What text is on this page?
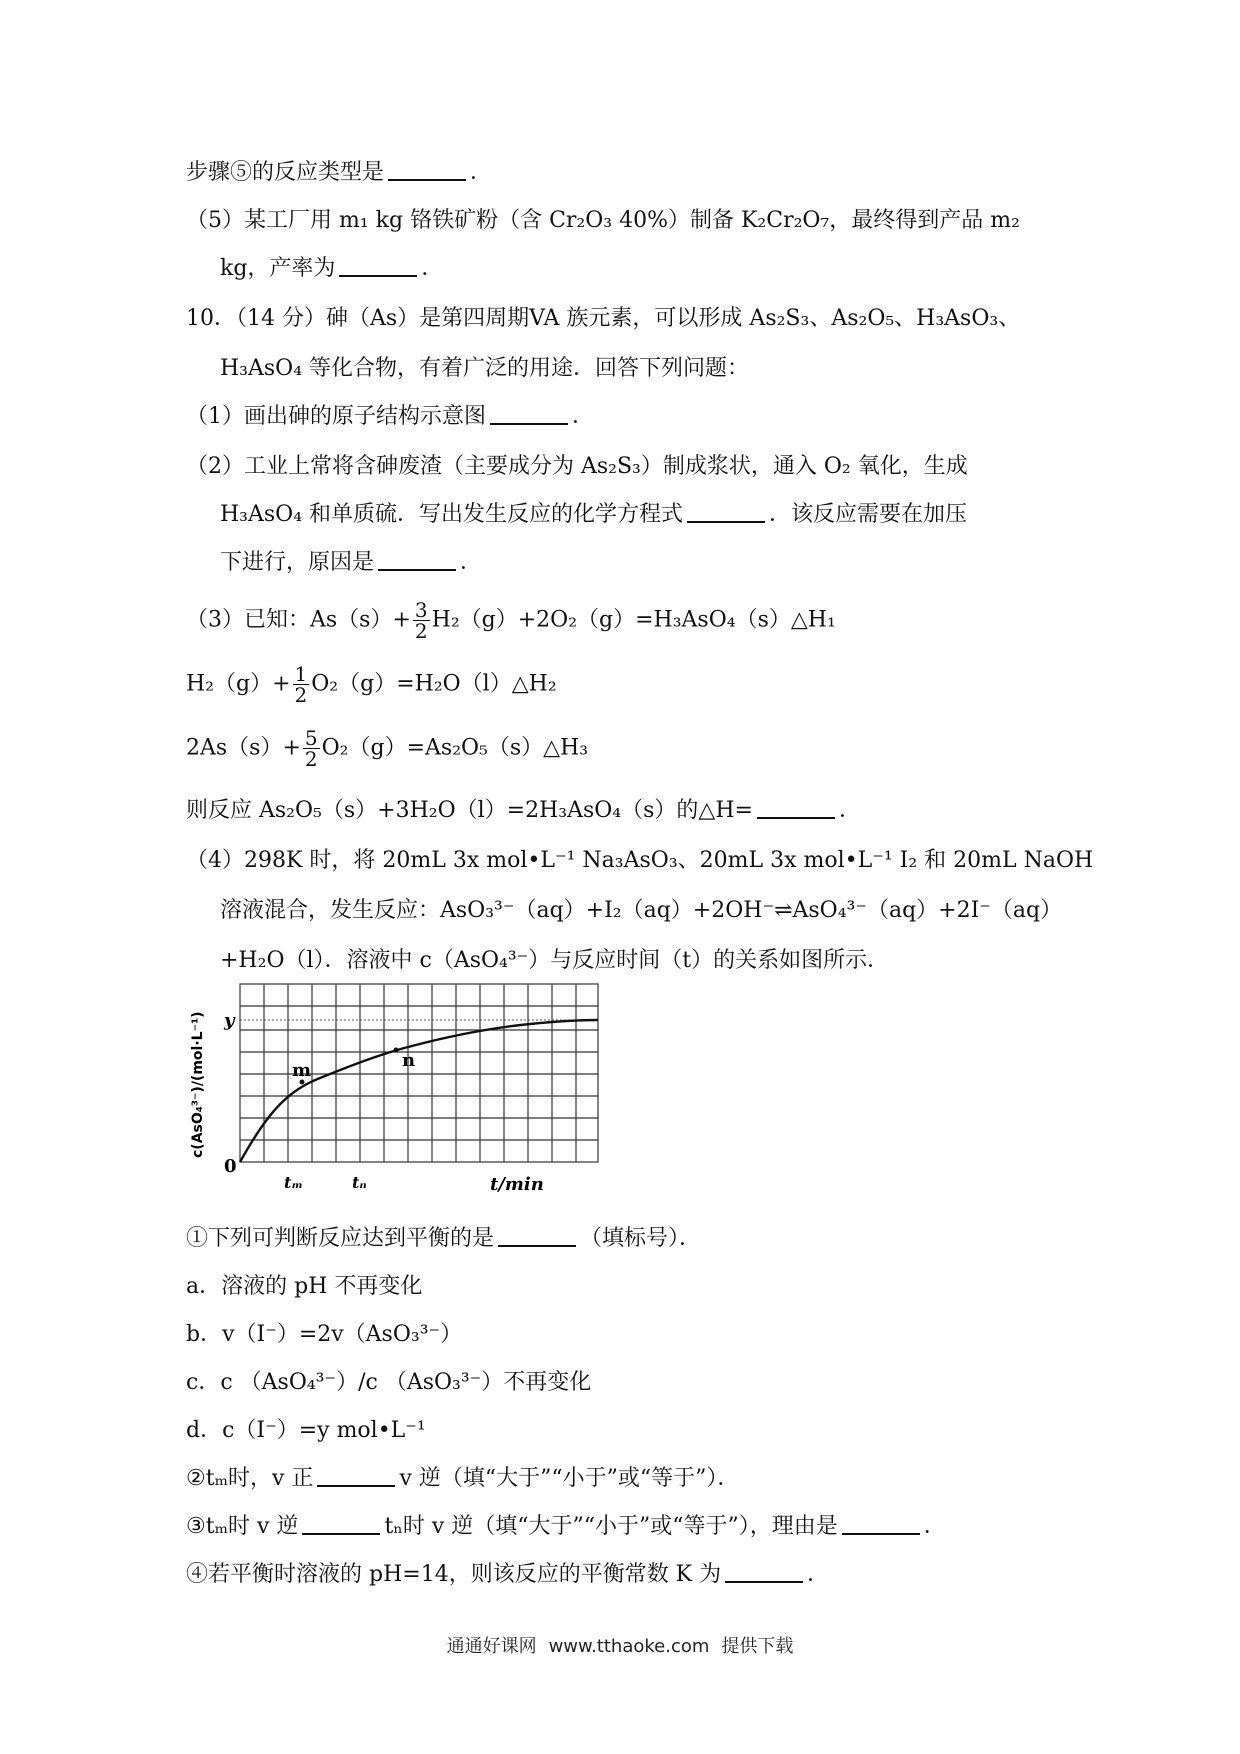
步骤⑤的反应类型是	．
（5）某工厂用 m₁ kg 铬铁矿粉（含 Cr₂O₃ 40%）制备 K₂Cr₂O₇，最终得到产品 m₂
kg，产率为	．
10．（14 分）砷（As）是第四周期VA 族元素，可以形成 As₂S₃、As₂O₅、H₃AsO₃、
H₃AsO₄ 等化合物，有着广泛的用途．回答下列问题：
（1）画出砷的原子结构示意图	．
（2）工业上常将含砷废渣（主要成分为 As₂S₃）制成浆状，通入 O₂ 氧化，生成
H₃AsO₄ 和单质硫．写出发生反应的化学方程式	．该反应需要在加压
下进行，原因是	．
（3）已知：$As(s)+ \frac{3}{2}$ H₂（g）+2O₂（g）=H₃AsO₄（s）△H₁
$H_2(g)+ \frac{1}{2}$ O₂（g）=H₂O（l）△H₂
$2As(s)+ \frac{5}{2}$ O₂（g）=As₂O₅（s）△H₃
则反应 As₂O₅（s）+3H₂O（l）=2H₃AsO₄（s）的△H=	．
（4）298K 时，将 20mL 3x mol•L⁻¹ Na₃AsO₃、20mL 3x mol•L⁻¹ I₂ 和 20mL NaOH
溶液混合，发生反应：AsO₃³⁻（aq）+I₂（aq）+2OH⁻⇌AsO₄³⁻（aq）+2I⁻（aq）
+H₂O（l）．溶液中 c（AsO₄³⁻）与反应时间（t）的关系如图所示．
m	n
y
0
tₘ	tₙ	t/min
c(AsO₄³⁻)/(mol·L⁻¹)
①下列可判断反应达到平衡的是	（填标号）．
a．溶液的 pH 不再变化
b．v（I⁻）=2v（AsO₃³⁻）
c．c （AsO₄³⁻）/c （AsO₃³⁻）不再变化
d．c（I⁻）=y mol•L⁻¹
②tₘ时，v 正	v 逆（填“大于”“小于”或“等于”）．
③tₘ时 v 逆	tₙ时 v 逆（填“大于”“小于”或“等于”），理由是	．
④若平衡时溶液的 pH=14，则该反应的平衡常数 K 为	．
通通好课网 www.tthaoke.com 提供下载
